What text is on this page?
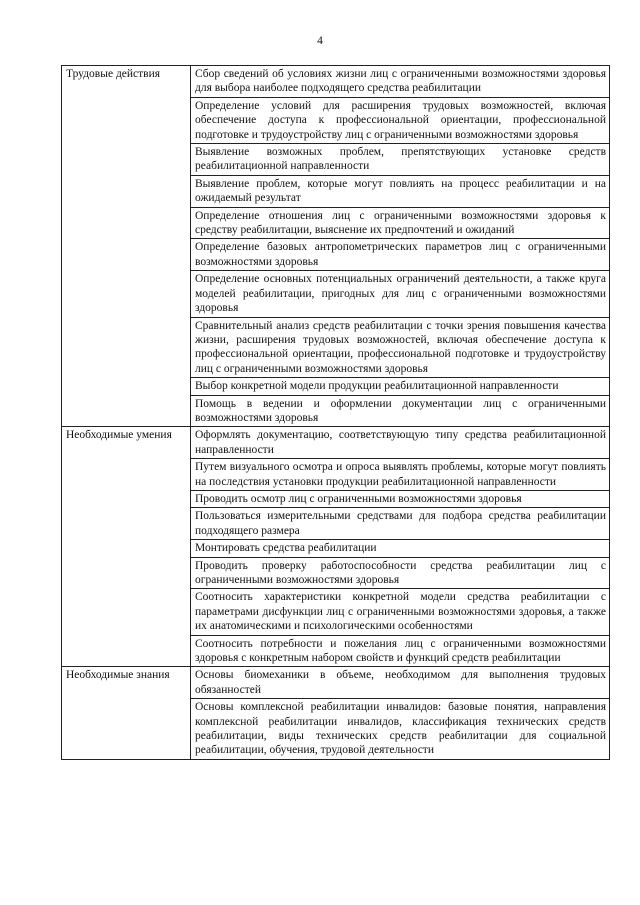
4
Трудовые действия	Сбор сведений об условиях жизни лиц с ограниченными возможностями здоровья для выбора наиболее подходящего средства реабилитации
	Определение условий для расширения трудовых возможностей, включая обеспечение доступа к профессиональной ориентации, профессиональной подготовке и трудоустройству лиц с ограниченными возможностями здоровья
	Выявление возможных проблем, препятствующих установке средств реабилитационной направленности
	Выявление проблем, которые могут повлиять на процесс реабилитации и на ожидаемый результат
	Определение отношения лиц с ограниченными возможностями здоровья к средству реабилитации, выяснение их предпочтений и ожиданий
	Определение базовых антропометрических параметров лиц с ограниченными возможностями здоровья
	Определение основных потенциальных ограничений деятельности, а также круга моделей реабилитации, пригодных для лиц с ограниченными возможностями здоровья
	Сравнительный анализ средств реабилитации с точки зрения повышения качества жизни, расширения трудовых возможностей, включая обеспечение доступа к профессиональной ориентации, профессиональной подготовке и трудоустройству лиц с ограниченными возможностями здоровья
	Выбор конкретной модели продукции реабилитационной направленности
	Помощь в ведении и оформлении документации лиц с ограниченными возможностями здоровья
Необходимые умения	Оформлять документацию, соответствующую типу средства реабилитационной направленности
	Путем визуального осмотра и опроса выявлять проблемы, которые могут повлиять на последствия установки продукции реабилитационной направленности
	Проводить осмотр лиц с ограниченными возможностями здоровья
	Пользоваться измерительными средствами для подбора средства реабилитации подходящего размера
	Монтировать средства реабилитации
	Проводить проверку работоспособности средства реабилитации лиц с ограниченными возможностями здоровья
	Соотносить характеристики конкретной модели средства реабилитации с параметрами дисфункции лиц с ограниченными возможностями здоровья, а также их анатомическими и психологическими особенностями
	Соотносить потребности и пожелания лиц с ограниченными возможностями здоровья с конкретным набором свойств и функций средств реабилитации
Необходимые знания	Основы биомеханики в объеме, необходимом для выполнения трудовых обязанностей
	Основы комплексной реабилитации инвалидов: базовые понятия, направления комплексной реабилитации инвалидов, классификация технических средств реабилитации, виды технических средств реабилитации для социальной реабилитации, обучения, трудовой деятельности
